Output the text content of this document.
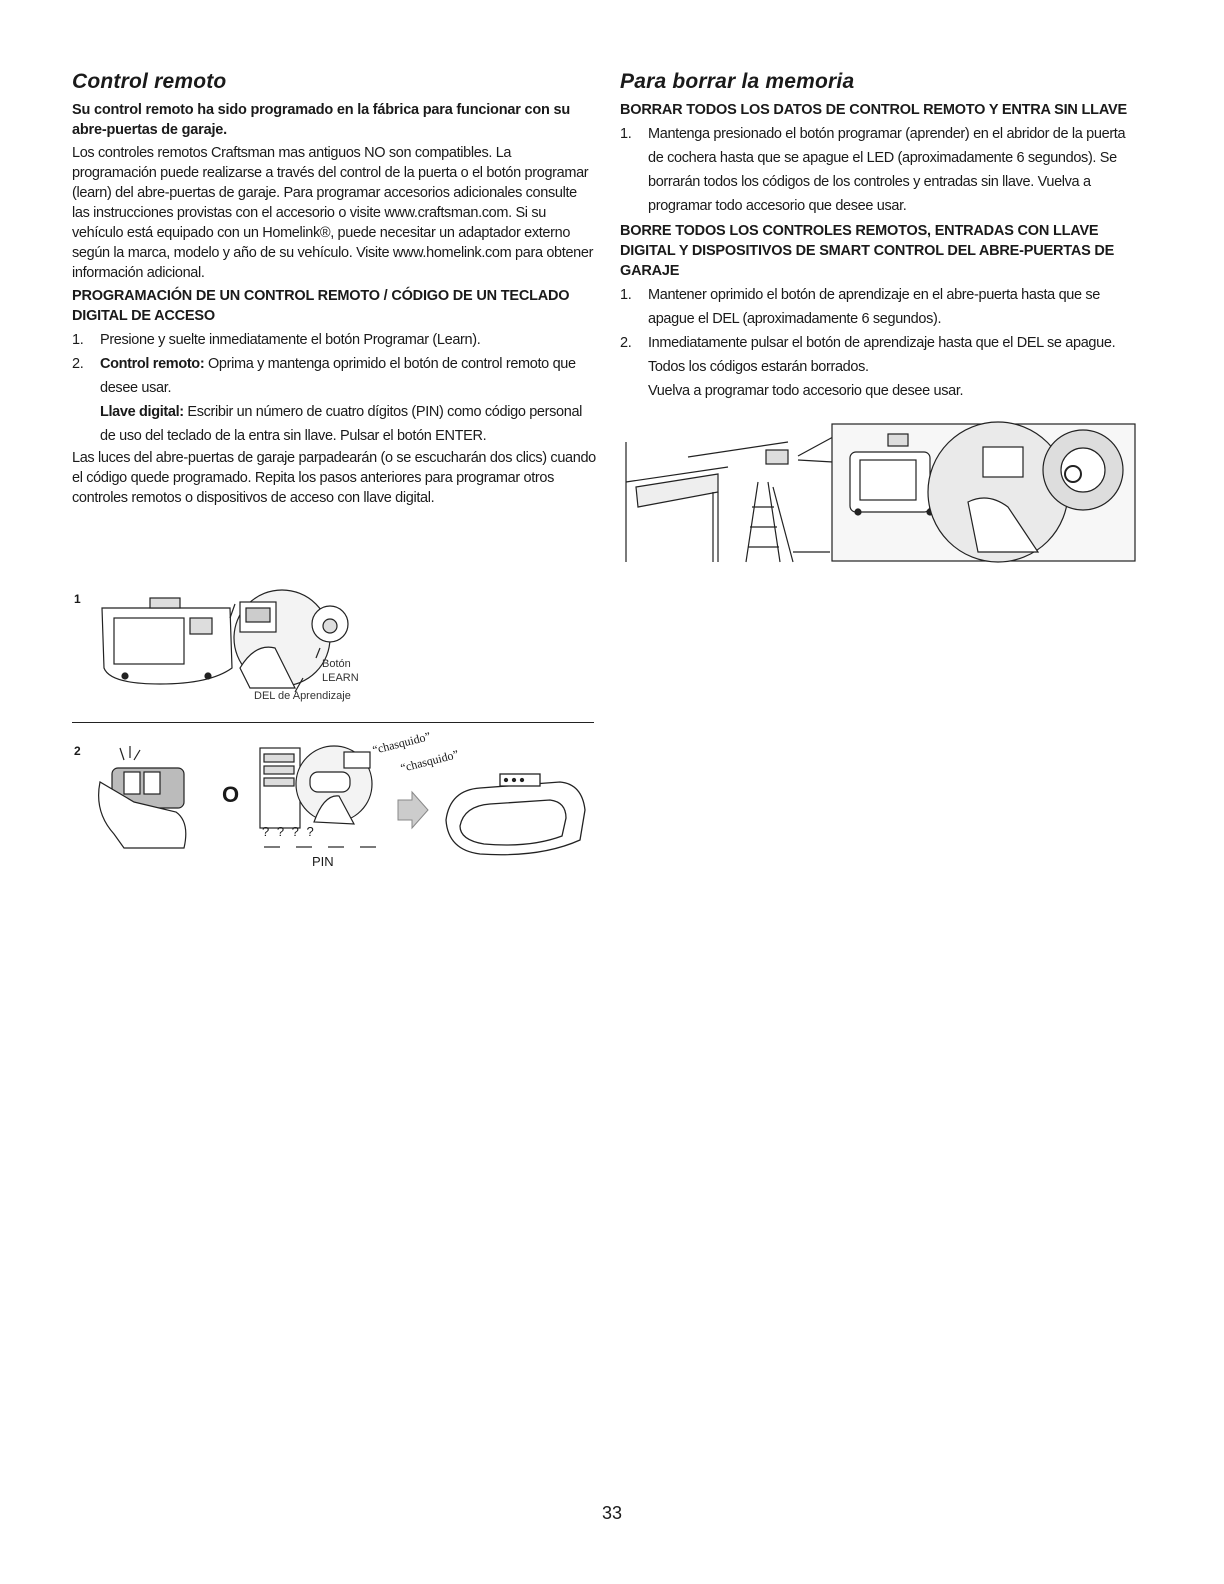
Control remoto

Su control remoto ha sido programado en la fábrica para funcionar con su abre-puertas de garaje.

Los controles remotos Craftsman mas antiguos NO son compatibles. La programación puede realizarse a través del control de la puerta o el botón programar (learn) del abre-puertas de garaje. Para programar accesorios adicionales consulte las instrucciones provistas con el accesorio o visite www.craftsman.com. Si su vehículo está equipado con un Homelink®, puede necesitar un adaptador externo según la marca, modelo y año de su vehículo. Visite www.homelink.com para obtener información adicional.

PROGRAMACIÓN DE UN CONTROL REMOTO / CÓDIGO DE UN TECLADO DIGITAL DE ACCESO

1.	Presione y suelte inmediatamente el botón Programar (Learn).
2.	Control remoto: Oprima y mantenga oprimido el botón de control remoto que desee usar.
Llave digital: Escribir un número de cuatro dígitos (PIN) como código personal de uso del teclado de la entra sin llave. Pulsar el botón ENTER.

Las luces del abre-puertas de garaje parpadearán (o se escucharán dos clics) cuando el código quede programado. Repita los pasos anteriores para programar otros controles remotos o dispositivos de acceso con llave digital.

Para borrar la memoria

BORRAR TODOS LOS DATOS DE CONTROL REMOTO Y ENTRA SIN LLAVE

1.	Mantenga presionado el botón programar (aprender) en el abridor de la puerta de cochera hasta que se apague el LED (aproximadamente 6 segundos). Se borrarán todos los códigos de los controles y entradas sin llave. Vuelva a programar todo accesorio que desee usar.

BORRE TODOS LOS CONTROLES REMOTOS, ENTRADAS CON LLAVE DIGITAL Y DISPOSITIVOS DE SMART CONTROL DEL ABRE-PUERTAS DE GARAJE

1.	Mantener oprimido el botón de aprendizaje en el abre-puerta hasta que se apague el DEL (aproximadamente 6 segundos).
2.	Inmediatamente pulsar el botón de aprendizaje hasta que el DEL se apague. Todos los códigos estarán borrados.
Vuelva a programar todo accesorio que desee usar.
1
Botón
LEARN
DEL de Aprendizaje
2
O
? ? ? ?
PIN
“chasquido”
“chasquido”
33
